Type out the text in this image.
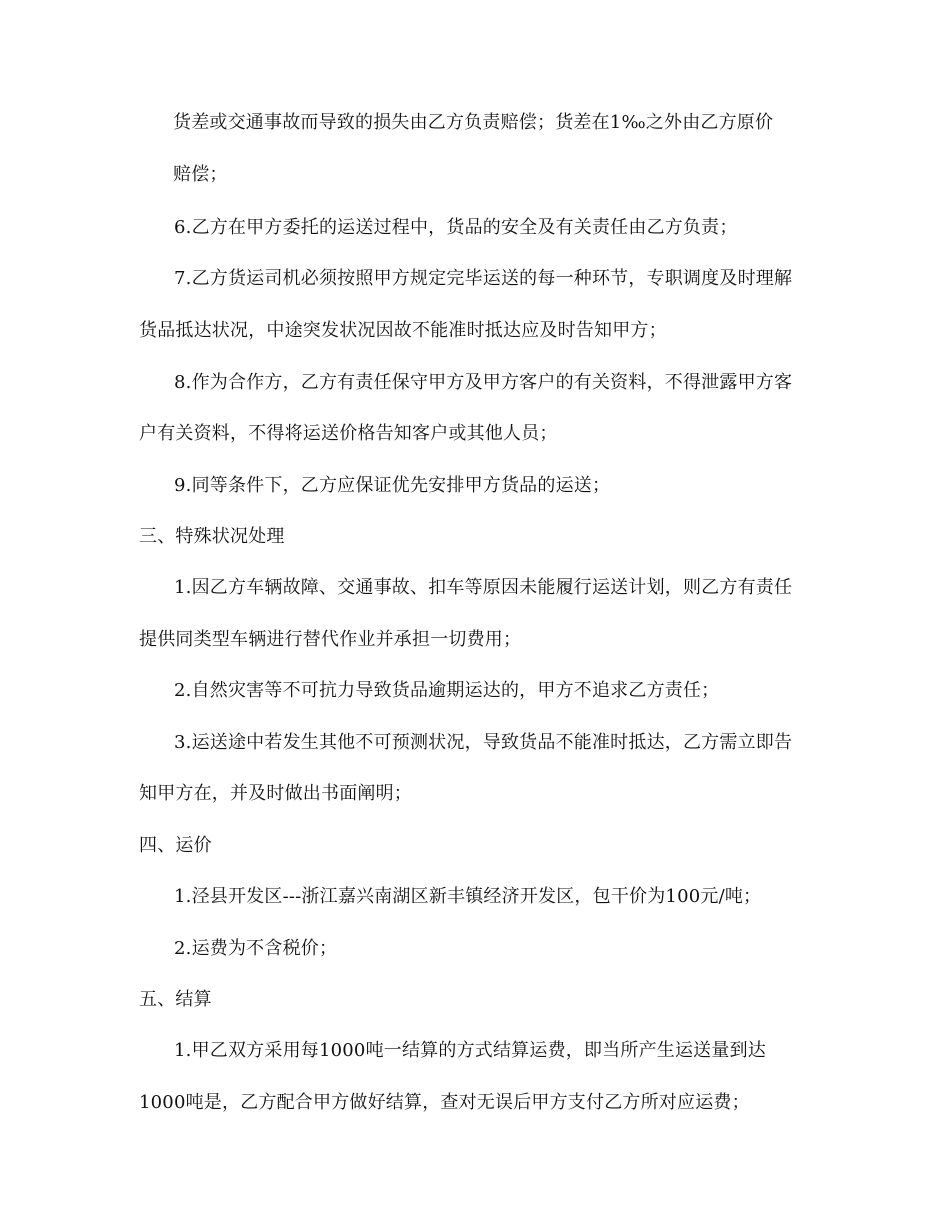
货差或交通事故而导致的损失由乙方负责赔偿；货差在1‰之外由乙方原价
赔偿；
6.乙方在甲方委托的运送过程中，货品的安全及有关责任由乙方负责；
7.乙方货运司机必须按照甲方规定完毕运送的每一种环节，专职调度及时理解
货品抵达状况，中途突发状况因故不能准时抵达应及时告知甲方；
8.作为合作方，乙方有责任保守甲方及甲方客户的有关资料，不得泄露甲方客
户有关资料，不得将运送价格告知客户或其他人员；
9.同等条件下，乙方应保证优先安排甲方货品的运送；
三、特殊状况处理
1.因乙方车辆故障、交通事故、扣车等原因未能履行运送计划，则乙方有责任
提供同类型车辆进行替代作业并承担一切费用；
2.自然灾害等不可抗力导致货品逾期运达的，甲方不追求乙方责任；
3.运送途中若发生其他不可预测状况，导致货品不能准时抵达，乙方需立即告
知甲方在，并及时做出书面阐明；
四、运价
1.泾县开发区---浙江嘉兴南湖区新丰镇经济开发区，包干价为100元/吨；
2.运费为不含税价；
五、结算
1.甲乙双方采用每1000吨一结算的方式结算运费，即当所产生运送量到达
1000吨是，乙方配合甲方做好结算，查对无误后甲方支付乙方所对应运费；
